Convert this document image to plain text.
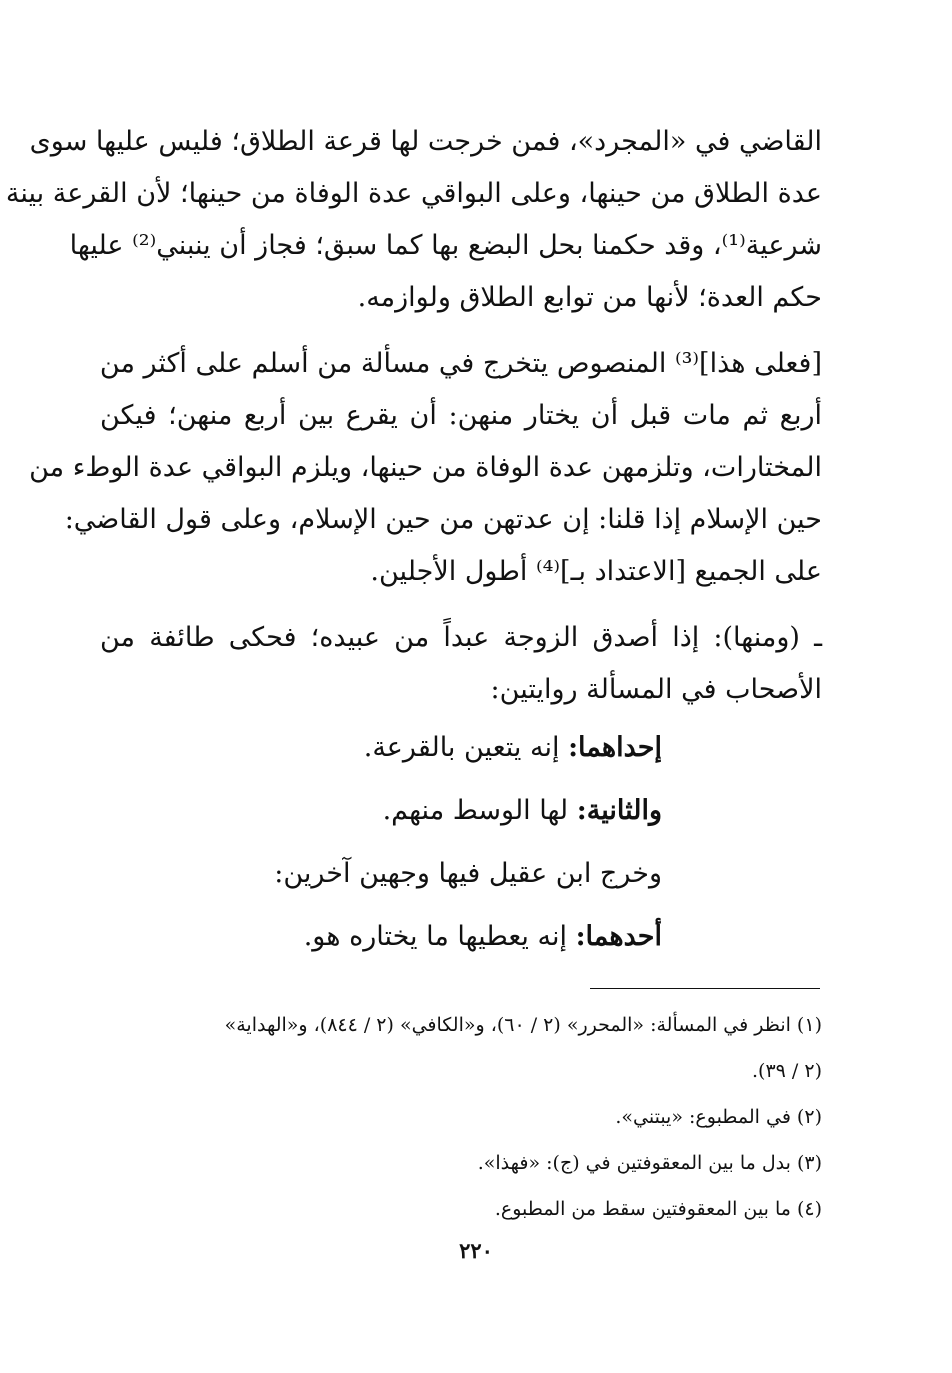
القاضي في «المجرد»، فمن خرجت لها قرعة الطلاق؛ فليس عليها سوى
عدة الطلاق من حينها، وعلى البواقي عدة الوفاة من حينها؛ لأن القرعة بينة
شرعية⁽¹⁾، وقد حكمنا بحل البضع بها كما سبق؛ فجاز أن ينبني⁽²⁾ عليها
حكم العدة؛ لأنها من توابع الطلاق ولوازمه.
[فعلى هذا]⁽³⁾ المنصوص يتخرج في مسألة من أسلم على أكثر من
أربع ثم مات قبل أن يختار منهن: أن يقرع بين أربع منهن؛ فيكن
المختارات، وتلزمهن عدة الوفاة من حينها، ويلزم البواقي عدة الوطء من
حين الإسلام إذا قلنا: إن عدتهن من حين الإسلام، وعلى قول القاضي:
على الجميع [الاعتداد بـ]⁽⁴⁾ أطول الأجلين.
ـ (ومنها): إذا أصدق الزوجة عبداً من عبيده؛ فحكى طائفة من
الأصحاب في المسألة روايتين:
إحداهما: إنه يتعين بالقرعة.
والثانية: لها الوسط منهم.
وخرج ابن عقيل فيها وجهين آخرين:
أحدهما: إنه يعطيها ما يختاره هو.
(١) انظر في المسألة: «المحرر» (٢ / ٦٠)، و«الكافي» (٢ / ٨٤٤)، و«الهداية»
(٢ / ٣٩).
(٢) في المطبوع: «يبتني».
(٣) بدل ما بين المعقوفتين في (ج): «فهذا».
(٤) ما بين المعقوفتين سقط من المطبوع.
٢٢٠
